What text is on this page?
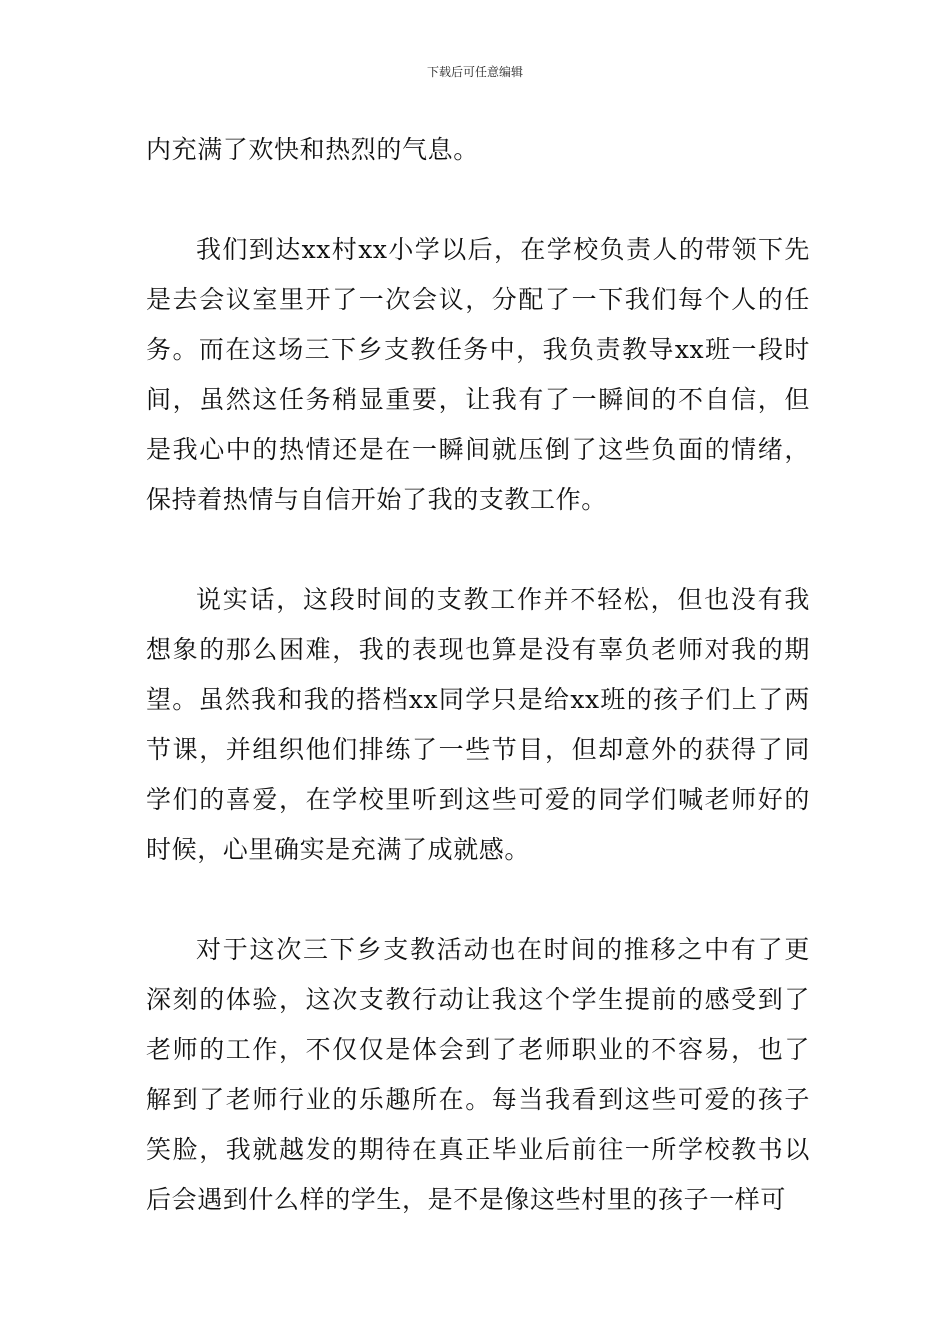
下载后可任意编辑

内充满了欢快和热烈的气息。

我们到达xx村xx小学以后，在学校负责人的带领下先是去会议室里开了一次会议，分配了一下我们每个人的任务。而在这场三下乡支教任务中，我负责教导xx班一段时间，虽然这任务稍显重要，让我有了一瞬间的不自信，但是我心中的热情还是在一瞬间就压倒了这些负面的情绪，保持着热情与自信开始了我的支教工作。

说实话，这段时间的支教工作并不轻松，但也没有我想象的那么困难，我的表现也算是没有辜负老师对我的期望。虽然我和我的搭档xx同学只是给xx班的孩子们上了两节课，并组织他们排练了一些节目，但却意外的获得了同学们的喜爱，在学校里听到这些可爱的同学们喊老师好的时候，心里确实是充满了成就感。

对于这次三下乡支教活动也在时间的推移之中有了更深刻的体验，这次支教行动让我这个学生提前的感受到了老师的工作，不仅仅是体会到了老师职业的不容易，也了解到了老师行业的乐趣所在。每当我看到这些可爱的孩子笑脸，我就越发的期待在真正毕业后前往一所学校教书以后会遇到什么样的学生，是不是像这些村里的孩子一样可
